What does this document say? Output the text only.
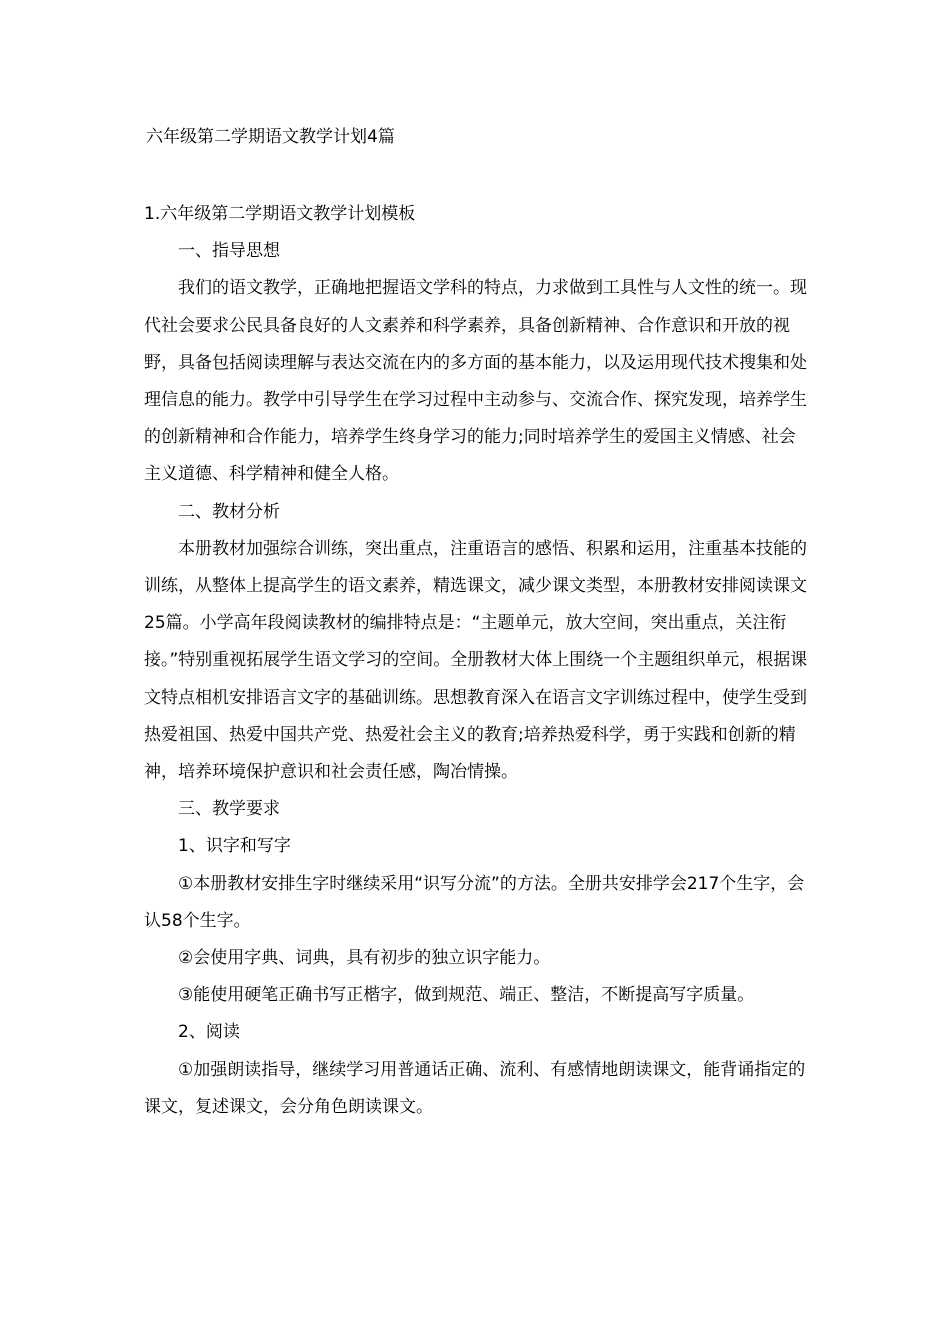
六年级第二学期语文教学计划4篇

1.六年级第二学期语文教学计划模板

一、指导思想

我们的语文教学，正确地把握语文学科的特点，力求做到工具性与人文性的统一。现代社会要求公民具备良好的人文素养和科学素养，具备创新精神、合作意识和开放的视野，具备包括阅读理解与表达交流在内的多方面的基本能力，以及运用现代技术搜集和处理信息的能力。教学中引导学生在学习过程中主动参与、交流合作、探究发现，培养学生的创新精神和合作能力，培养学生终身学习的能力;同时培养学生的爱国主义情感、社会主义道德、科学精神和健全人格。

二、教材分析

本册教材加强综合训练，突出重点，注重语言的感悟、积累和运用，注重基本技能的训练，从整体上提高学生的语文素养，精选课文，减少课文类型，本册教材安排阅读课文25篇。小学高年段阅读教材的编排特点是：“主题单元，放大空间，突出重点，关注衔接。”特别重视拓展学生语文学习的空间。全册教材大体上围绕一个主题组织单元，根据课文特点相机安排语言文字的基础训练。思想教育深入在语言文字训练过程中，使学生受到热爱祖国、热爱中国共产党、热爱社会主义的教育;培养热爱科学，勇于实践和创新的精神，培养环境保护意识和社会责任感，陶冶情操。

三、教学要求

1、识字和写字

①本册教材安排生字时继续采用“识写分流”的方法。全册共安排学会217个生字，会认58个生字。

②会使用字典、词典，具有初步的独立识字能力。

③能使用硬笔正确书写正楷字，做到规范、端正、整洁，不断提高写字质量。

2、阅读

①加强朗读指导，继续学习用普通话正确、流利、有感情地朗读课文，能背诵指定的课文，复述课文，会分角色朗读课文。
